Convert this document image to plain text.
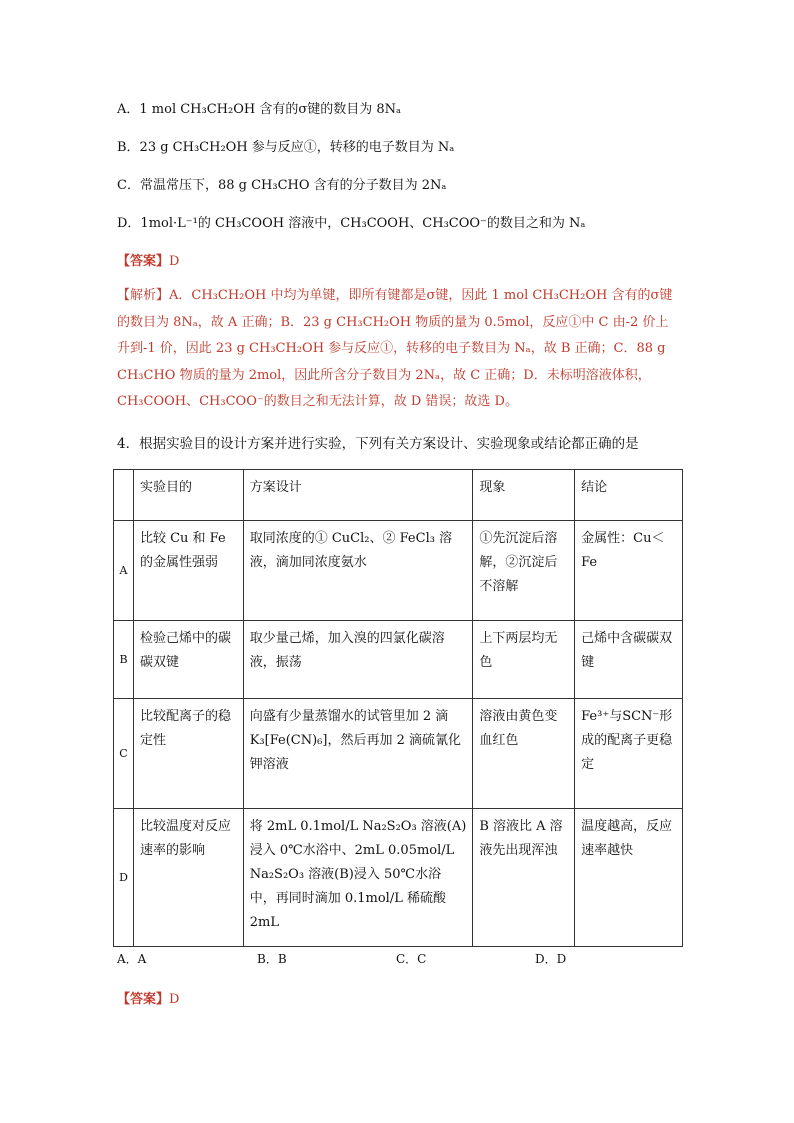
A．1 mol CH₃CH₂OH 含有的σ键的数目为 8Nₐ
B．23 g CH₃CH₂OH 参与反应①，转移的电子数目为 Nₐ
C．常温常压下，88 g CH₃CHO 含有的分子数目为 2Nₐ
D．1mol·L⁻¹的 CH₃COOH 溶液中，CH₃COOH、CH₃COO⁻的数目之和为 Nₐ
【答案】D
【解析】A．CH₃CH₂OH 中均为单键，即所有键都是σ键，因此 1 mol CH₃CH₂OH 含有的σ键的数目为 8Nₐ，故 A 正确；B．23 g CH₃CH₂OH 物质的量为 0.5mol，反应①中 C 由-2 价上升到-1 价，因此 23 g CH₃CH₂OH 参与反应①，转移的电子数目为 Nₐ，故 B 正确；C．88 g CH₃CHO 物质的量为 2mol，因此所含分子数目为 2Nₐ，故 C 正确；D．未标明溶液体积，CH₃COOH、CH₃COO⁻的数目之和无法计算，故 D 错误；故选 D。
4．根据实验目的设计方案并进行实验，下列有关方案设计、实验现象或结论都正确的是
	实验目的	方案设计	现象	结论
A	比较 Cu 和 Fe 的金属性强弱	取同浓度的① CuCl₂、② FeCl₃ 溶液，滴加同浓度氨水	①先沉淀后溶解，②沉淀后不溶解	金属性：Cu＜Fe
B	检验己烯中的碳碳双键	取少量己烯，加入溴的四氯化碳溶液，振荡	上下两层均无色	己烯中含碳碳双键
C	比较配离子的稳定性	向盛有少量蒸馏水的试管里加 2 滴 K₃[Fe(CN)₆]，然后再加 2 滴硫氰化钾溶液	溶液由黄色变血红色	Fe³⁺与SCN⁻形成的配离子更稳定
D	比较温度对反应速率的影响	将 2mL 0.1mol/L Na₂S₂O₃ 溶液(A)浸入 0℃水浴中、2mL 0.05mol/L Na₂S₂O₃ 溶液(B)浸入 50℃水浴中，再同时滴加 0.1mol/L 稀硫酸 2mL	B 溶液比 A 溶液先出现浑浊	温度越高，反应速率越快
A．A	B．B	C．C	D．D
【答案】D
